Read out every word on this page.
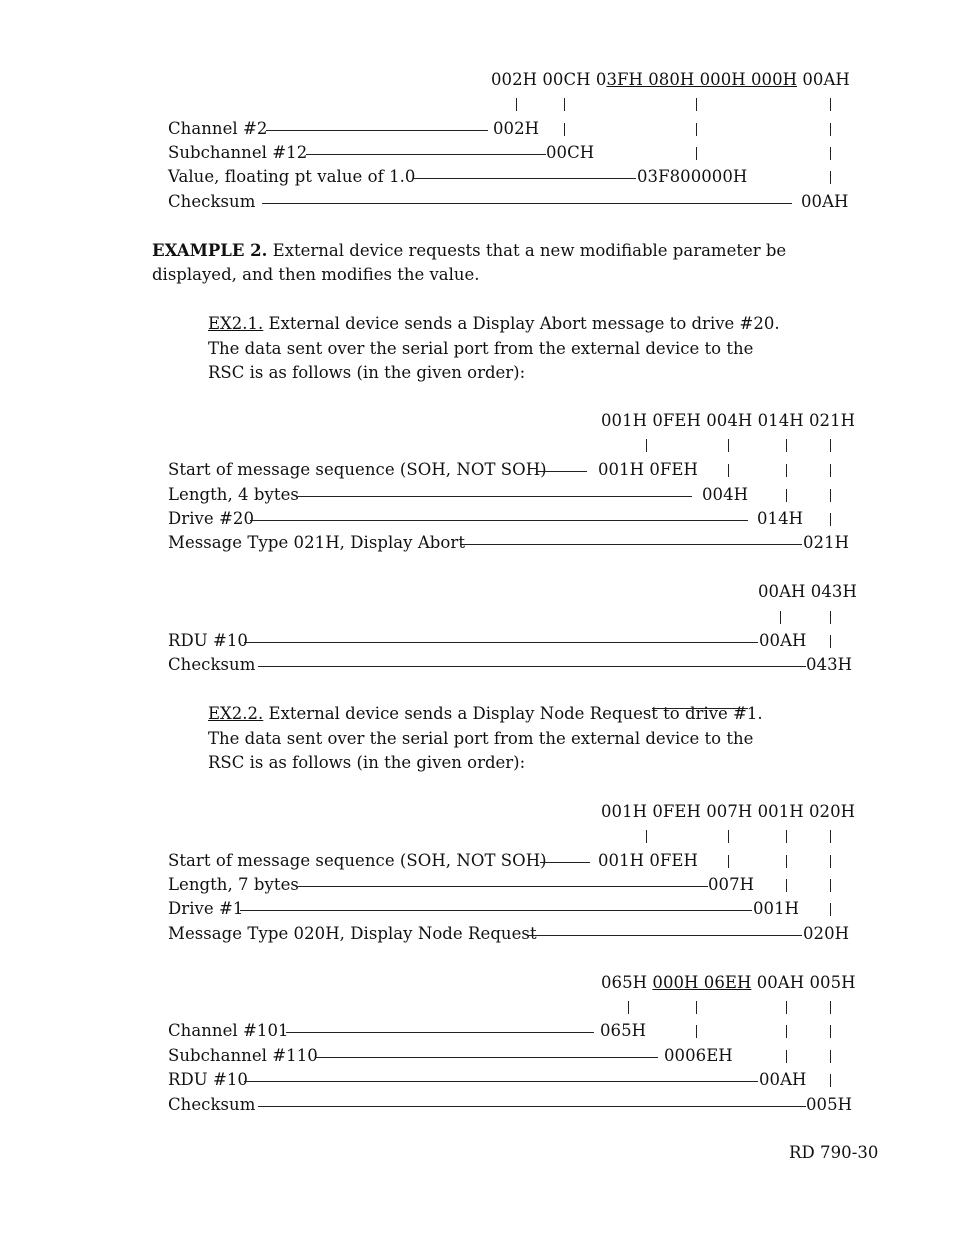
002H 00CH 03FH 080H 000H 000H 00AH
Channel #2	002H
Subchannel #12	00CH
Value, floating pt value of 1.0	03F800000H
Checksum	00AH
EXAMPLE 2. External device requests that a new modifiable parameter be
displayed, and then modifies the value.
EX2.1. External device sends a Display Abort message to drive #20.
The data sent over the serial port from the external device to the
RSC is as follows (in the given order):
001H 0FEH 004H 014H 021H
Start of message sequence (SOH, NOT SOH)	001H 0FEH
Length, 4 bytes	004H
Drive #20	014H
Message Type 021H, Display Abort	021H
00AH 043H
RDU #10	00AH
Checksum	043H
EX2.2. External device sends a Display Node Request to drive #1.
The data sent over the serial port from the external device to the
RSC is as follows (in the given order):
001H 0FEH 007H 001H 020H
Start of message sequence (SOH, NOT SOH)	001H 0FEH
Length, 7 bytes	007H
Drive #1	001H
Message Type 020H, Display Node Request	020H
065H 000H 06EH 00AH 005H
Channel #101	065H
Subchannel #110	0006EH
RDU #10	00AH
Checksum	005H
RD 790-30
